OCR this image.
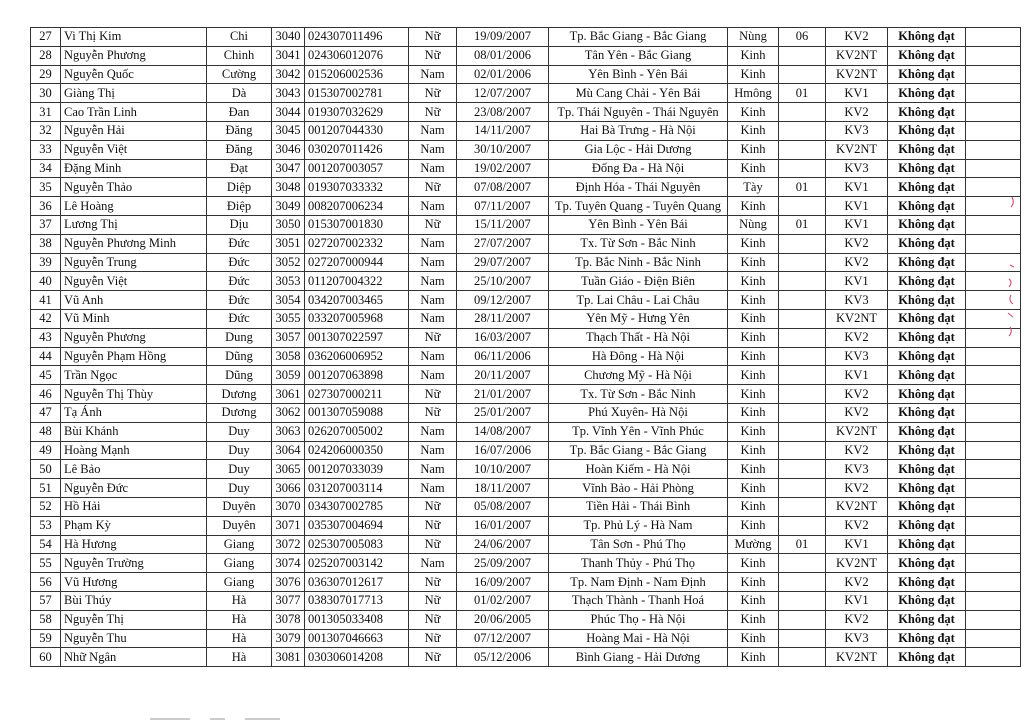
27	Vi Thị Kim	Chi	3040	024307011496	Nữ	19/09/2007	Tp. Bắc Giang - Bắc Giang	Nùng	06	KV2	Không đạt	
28	Nguyễn Phương	Chinh	3041	024306012076	Nữ	08/01/2006	Tân Yên - Bắc Giang	Kinh		KV2NT	Không đạt	
29	Nguyễn Quốc	Cường	3042	015206002536	Nam	02/01/2006	Yên Bình - Yên Bái	Kinh		KV2NT	Không đạt	
30	Giàng Thị	Dà	3043	015307002781	Nữ	12/07/2007	Mù Cang Chải - Yên Bái	Hmông	01	KV1	Không đạt	
31	Cao Trần Linh	Đan	3044	019307032629	Nữ	23/08/2007	Tp. Thái Nguyên - Thái Nguyên	Kinh		KV2	Không đạt	
32	Nguyễn Hải	Đăng	3045	001207044330	Nam	14/11/2007	Hai Bà Trưng - Hà Nội	Kinh		KV3	Không đạt	
33	Nguyễn Việt	Đăng	3046	030207011426	Nam	30/10/2007	Gia Lộc - Hải Dương	Kinh		KV2NT	Không đạt	
34	Đặng Minh	Đạt	3047	001207003057	Nam	19/02/2007	Đống Đa - Hà Nội	Kinh		KV3	Không đạt	
35	Nguyễn Thảo	Diệp	3048	019307033332	Nữ	07/08/2007	Định Hóa - Thái Nguyên	Tày	01	KV1	Không đạt	
36	Lê Hoàng	Điệp	3049	008207006234	Nam	07/11/2007	Tp. Tuyên Quang - Tuyên Quang	Kinh		KV1	Không đạt	
37	Lương Thị	Dịu	3050	015307001830	Nữ	15/11/2007	Yên Bình - Yên Bái	Nùng	01	KV1	Không đạt	
38	Nguyễn Phương Minh	Đức	3051	027207002332	Nam	27/07/2007	Tx. Từ Sơn - Bắc Ninh	Kinh		KV2	Không đạt	
39	Nguyễn Trung	Đức	3052	027207000944	Nam	29/07/2007	Tp. Bắc Ninh - Bắc Ninh	Kinh		KV2	Không đạt	
40	Nguyễn Việt	Đức	3053	011207004322	Nam	25/10/2007	Tuần Giáo - Điện Biên	Kinh		KV1	Không đạt	
41	Vũ Anh	Đức	3054	034207003465	Nam	09/12/2007	Tp. Lai Châu - Lai Châu	Kinh		KV3	Không đạt	
42	Vũ Minh	Đức	3055	033207005968	Nam	28/11/2007	Yên Mỹ - Hưng Yên	Kinh		KV2NT	Không đạt	
43	Nguyễn Phương	Dung	3057	001307022597	Nữ	16/03/2007	Thạch Thất - Hà Nội	Kinh		KV2	Không đạt	
44	Nguyễn Phạm Hồng	Dũng	3058	036206006952	Nam	06/11/2006	Hà Đông - Hà Nội	Kinh		KV3	Không đạt	
45	Trần Ngọc	Dũng	3059	001207063898	Nam	20/11/2007	Chương Mỹ - Hà Nội	Kinh		KV1	Không đạt	
46	Nguyễn Thị Thùy	Dương	3061	027307000211	Nữ	21/01/2007	Tx. Từ Sơn - Bắc Ninh	Kinh		KV2	Không đạt	
47	Tạ Ánh	Dương	3062	001307059088	Nữ	25/01/2007	Phú Xuyên- Hà Nội	Kinh		KV2	Không đạt	
48	Bùi Khánh	Duy	3063	026207005002	Nam	14/08/2007	Tp. Vĩnh Yên - Vĩnh Phúc	Kinh		KV2NT	Không đạt	
49	Hoàng Mạnh	Duy	3064	024206000350	Nam	16/07/2006	Tp. Bắc Giang - Bắc Giang	Kinh		KV2	Không đạt	
50	Lê Bảo	Duy	3065	001207033039	Nam	10/10/2007	Hoàn Kiếm - Hà Nội	Kinh		KV3	Không đạt	
51	Nguyễn Đức	Duy	3066	031207003114	Nam	18/11/2007	Vĩnh Bảo - Hải Phòng	Kinh		KV2	Không đạt	
52	Hồ Hải	Duyên	3070	034307002785	Nữ	05/08/2007	Tiền Hải - Thái Bình	Kinh		KV2NT	Không đạt	
53	Phạm Kỳ	Duyên	3071	035307004694	Nữ	16/01/2007	Tp. Phủ Lý - Hà Nam	Kinh		KV2	Không đạt	
54	Hà Hương	Giang	3072	025307005083	Nữ	24/06/2007	Tân Sơn - Phú Thọ	Mường	01	KV1	Không đạt	
55	Nguyễn Trường	Giang	3074	025207003142	Nam	25/09/2007	Thanh Thủy - Phú Thọ	Kinh		KV2NT	Không đạt	
56	Vũ Hương	Giang	3076	036307012617	Nữ	16/09/2007	Tp. Nam Định - Nam Định	Kinh		KV2	Không đạt	
57	Bùi Thúy	Hà	3077	038307017713	Nữ	01/02/2007	Thạch Thành - Thanh Hoá	Kinh		KV1	Không đạt	
58	Nguyễn Thị	Hà	3078	001305033408	Nữ	20/06/2005	Phúc Thọ - Hà Nội	Kinh		KV2	Không đạt	
59	Nguyễn Thu	Hà	3079	001307046663	Nữ	07/12/2007	Hoàng Mai - Hà Nội	Kinh		KV3	Không đạt	
60	Nhữ Ngân	Hà	3081	030306014208	Nữ	05/12/2006	Bình Giang - Hải Dương	Kinh		KV2NT	Không đạt	
